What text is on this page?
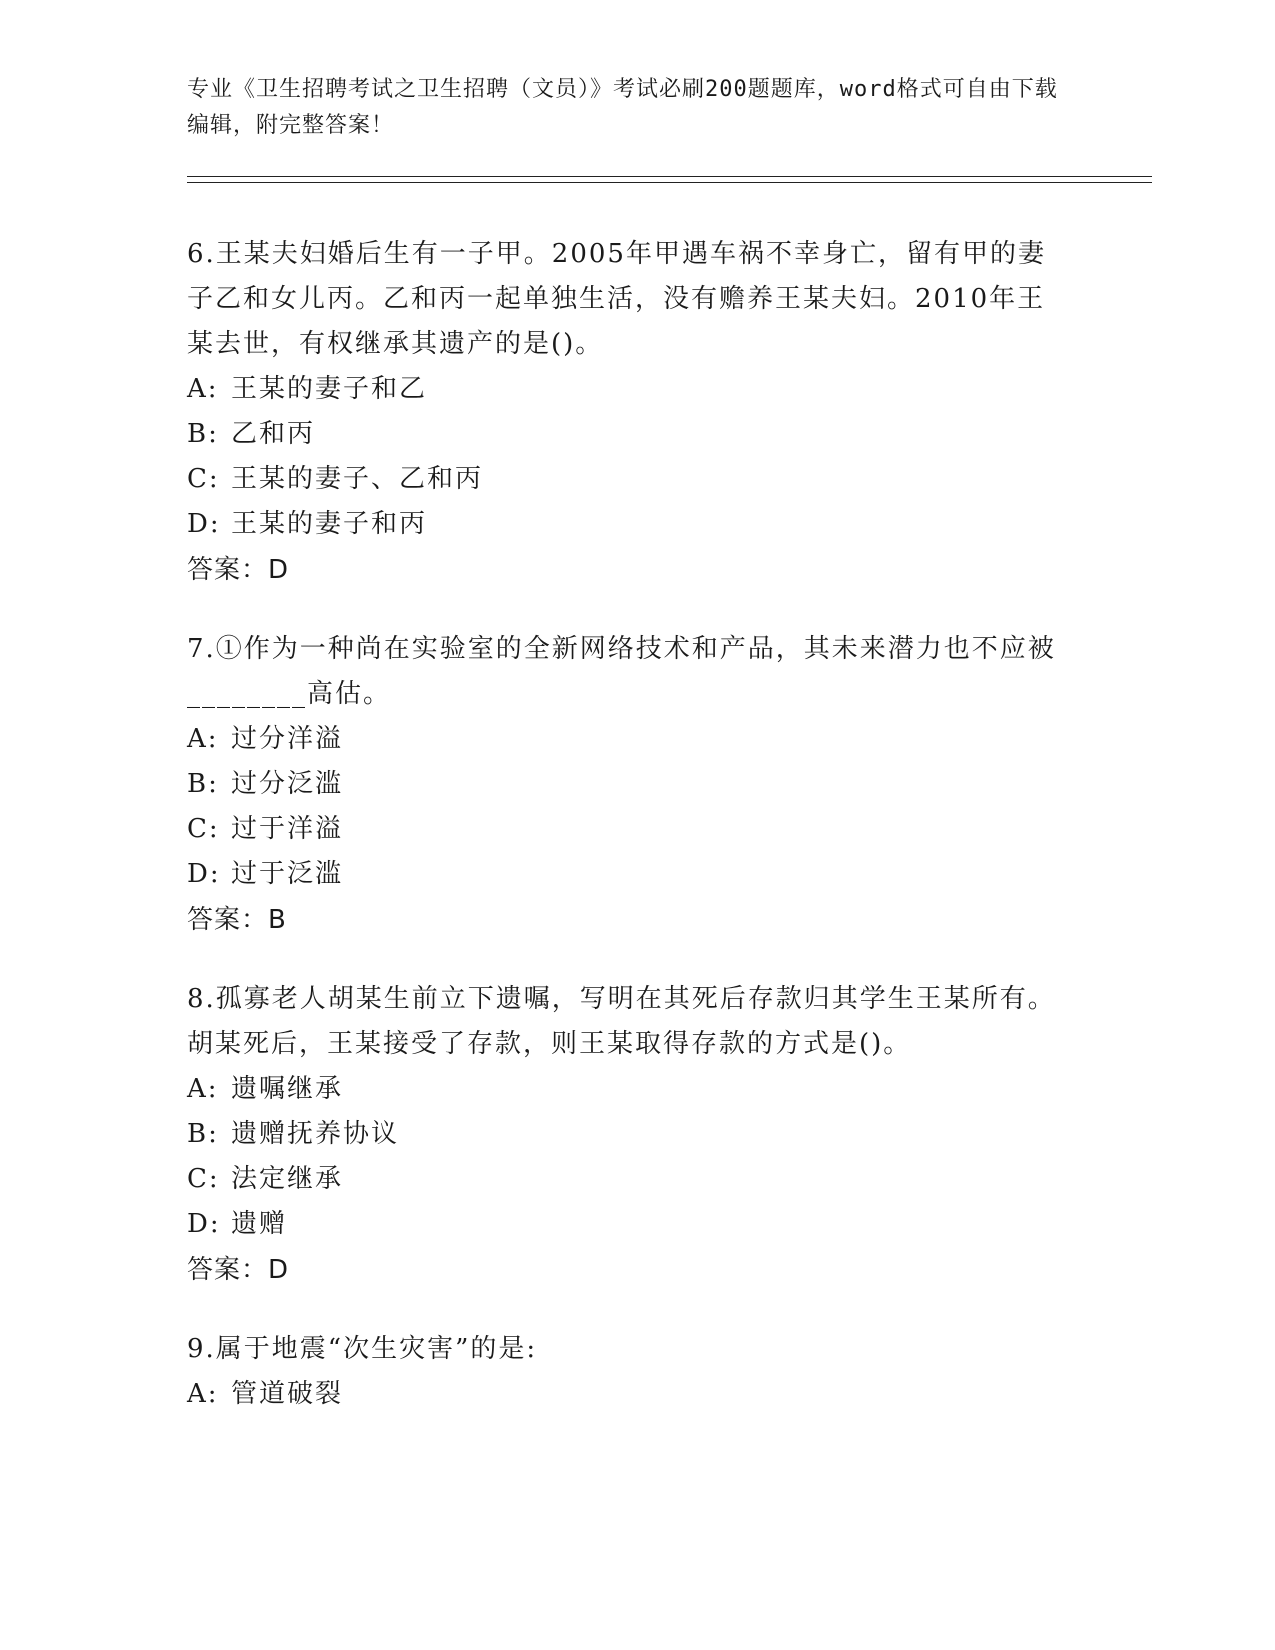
专业《卫生招聘考试之卫生招聘（文员）》考试必刷200题题库，word格式可自由下载编辑，附完整答案！

6.王某夫妇婚后生有一子甲。2005年甲遇车祸不幸身亡，留有甲的妻子乙和女儿丙。乙和丙一起单独生活，没有赡养王某夫妇。2010年王某去世，有权继承其遗产的是()。

A: 王某的妻子和乙
B: 乙和丙
C: 王某的妻子、乙和丙
D: 王某的妻子和丙
答案：D

7.①作为一种尚在实验室的全新网络技术和产品，其未来潜力也不应被________高估。

A: 过分洋溢
B: 过分泛滥
C: 过于洋溢
D: 过于泛滥
答案：B

8.孤寡老人胡某生前立下遗嘱，写明在其死后存款归其学生王某所有。胡某死后，王某接受了存款，则王某取得存款的方式是()。

A: 遗嘱继承
B: 遗赠抚养协议
C: 法定继承
D: 遗赠
答案：D

9.属于地震“次生灾害”的是:

A: 管道破裂
